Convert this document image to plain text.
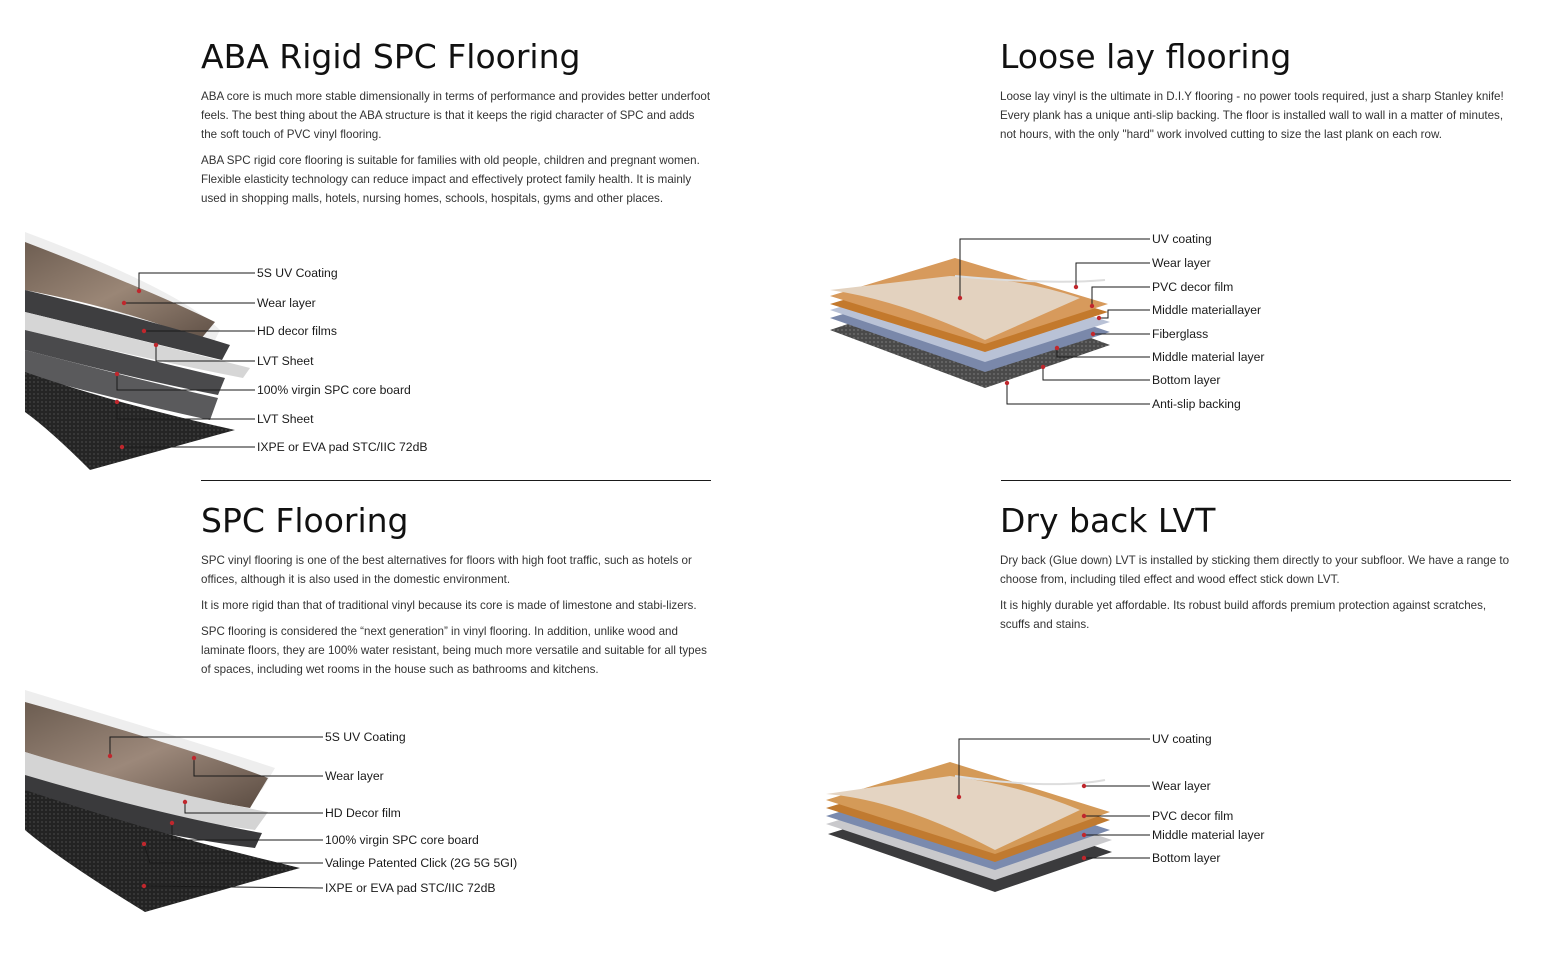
ABA Rigid SPC Flooring

ABA core is much more stable dimensionally in terms of performance and provides better underfoot feels. The best thing about the ABA structure is that it keeps the rigid character of SPC and adds the soft touch of PVC vinyl flooring.

ABA SPC rigid core flooring is suitable for families with old people, children and pregnant women. Flexible elasticity technology can reduce impact and effectively protect family health. It is mainly used in shopping malls, hotels, nursing homes, schools, hospitals, gyms and other places.

5S UV Coating
Wear layer
HD decor films
LVT Sheet
100% virgin SPC core board
LVT Sheet
IXPE or EVA pad STC/IIC 72dB
Loose lay flooring

Loose lay vinyl is the ultimate in D.I.Y flooring - no power tools required, just a sharp Stanley knife! Every plank has a unique anti-slip backing. The floor is installed wall to wall in a matter of minutes, not hours, with the only "hard" work involved cutting to size the last plank on each row.

UV coating
Wear layer
PVC decor film
Middle materiallayer
Fiberglass
Middle material layer
Bottom layer
Anti-slip backing
SPC Flooring

SPC vinyl flooring is one of the best alternatives for floors with high foot traffic, such as hotels or offices, although it is also used in the domestic environment.

It is more rigid than that of traditional vinyl because its core is made of limestone and stabi-lizers.

SPC flooring is considered the “next generation” in vinyl flooring. In addition, unlike wood and laminate floors, they are 100% water resistant, being much more versatile and suitable for all types of spaces, including wet rooms in the house such as bathrooms and kitchens.

5S UV Coating
Wear layer
HD Decor film
100% virgin SPC core board
Valinge Patented Click (2G 5G 5GI)
IXPE or EVA pad STC/IIC 72dB
Dry back LVT

Dry back (Glue down) LVT is installed by sticking them directly to your subfloor. We have a range to choose from, including tiled effect and wood effect stick down LVT.

It is highly durable yet affordable. Its robust build affords premium protection against scratches, scuffs and stains.

UV coating
Wear layer
PVC decor film
Middle material layer
Bottom layer
